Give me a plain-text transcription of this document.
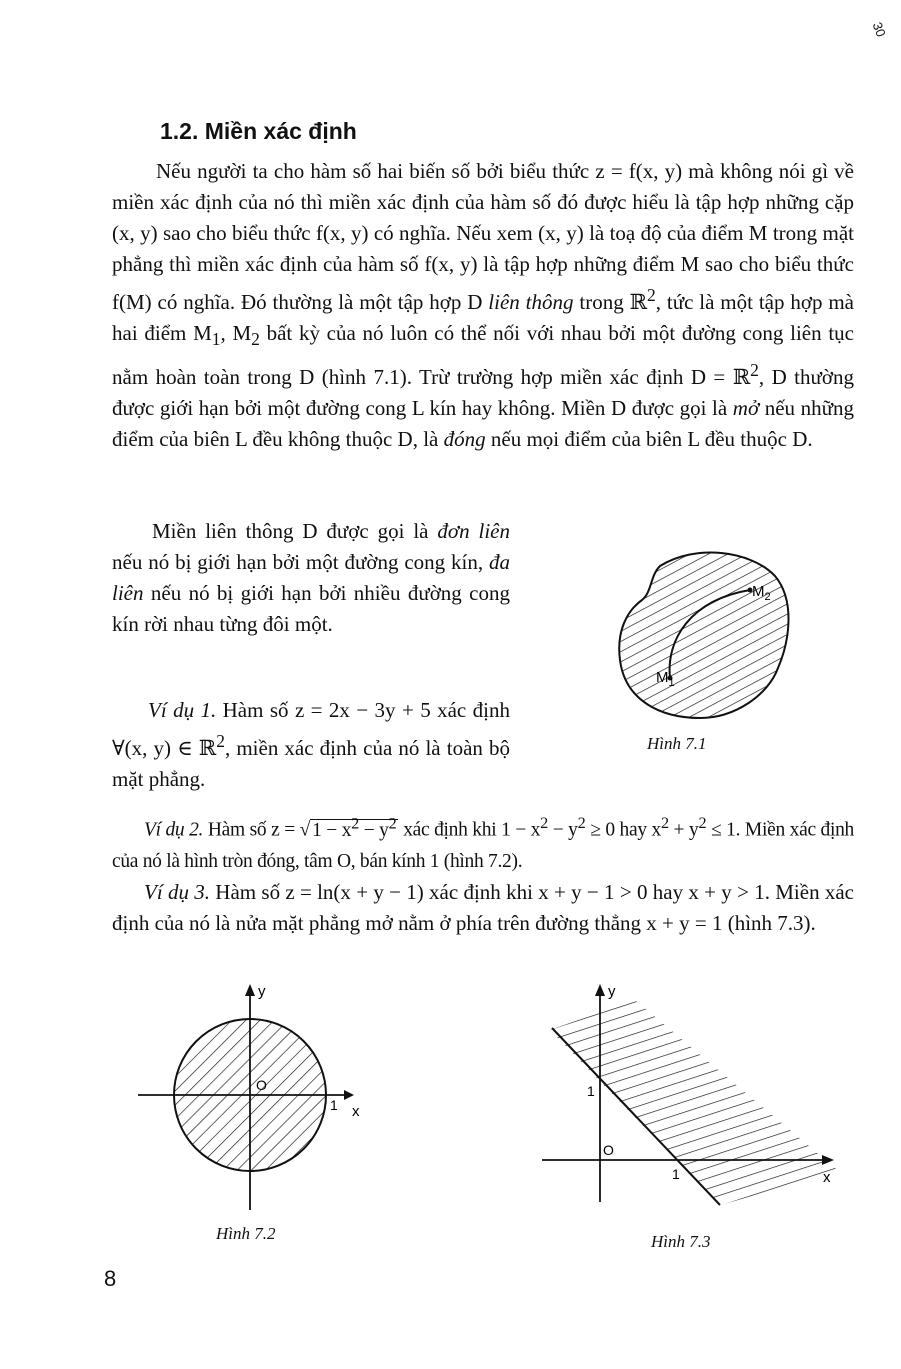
30
1.2. Miền xác định
Nếu người ta cho hàm số hai biến số bởi biểu thức z = f(x, y) mà không nói gì về miền xác định của nó thì miền xác định của hàm số đó được hiểu là tập hợp những cặp (x, y) sao cho biểu thức f(x, y) có nghĩa. Nếu xem (x, y) là toạ độ của điểm M trong mặt phẳng thì miền xác định của hàm số f(x, y) là tập hợp những điểm M sao cho biểu thức f(M) có nghĩa. Đó thường là một tập hợp D liên thông trong ℝ$^2$, tức là một tập hợp mà hai điểm $M_1$, $M_2$ bất kỳ của nó luôn có thể nối với nhau bởi một đường cong liên tục nằm hoàn toàn trong D (hình 7.1). Trừ trường hợp miền xác định D = ℝ$^2$, D thường được giới hạn bởi một đường cong L kín hay không. Miền D được gọi là mở nếu những điểm của biên L đều không thuộc D, là đóng nếu mọi điểm của biên L đều thuộc D.
Miền liên thông D được gọi là đơn liên nếu nó bị giới hạn bởi một đường cong kín, đa liên nếu nó bị giới hạn bởi nhiều đường cong kín rời nhau từng đôi một.
Ví dụ 1. Hàm số z = 2x − 3y + 5 xác định ∀(x, y) ∈ ℝ$^2$, miền xác định của nó là toàn bộ mặt phẳng.
Ví dụ 2. Hàm số z = √ $1 - x^2 - y^2$ xác định khi $1 - x^2 - y^2 \ge 0$ hay $x^2 + y^2 \le 1$. Miền xác định của nó là hình tròn đóng, tâm O, bán kính 1 (hình 7.2).
Ví dụ 3. Hàm số z = ln(x + y − 1) xác định khi x + y − 1 > 0 hay x + y > 1. Miền xác định của nó là nửa mặt phẳng mở nằm ở phía trên đường thẳng x + y = 1 (hình 7.3).
$M_1$
$M_2$
Hình 7.1
y
x
O
1
Hình 7.2
y
x
O
1
1
Hình 7.3
8
